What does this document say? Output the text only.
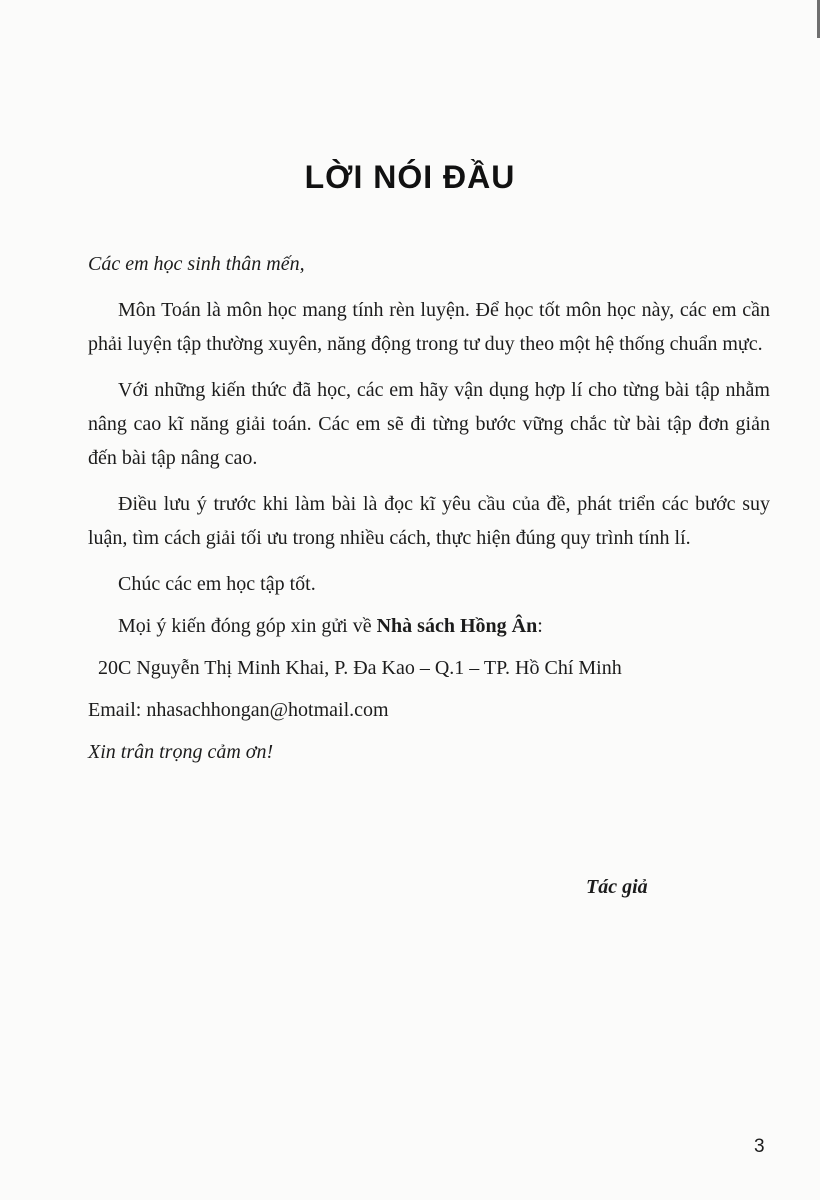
LỜI NÓI ĐẦU

Các em học sinh thân mến,

Môn Toán là môn học mang tính rèn luyện. Để học tốt môn học này, các em cần phải luyện tập thường xuyên, năng động trong tư duy theo một hệ thống chuẩn mực.

Với những kiến thức đã học, các em hãy vận dụng hợp lí cho từng bài tập nhằm nâng cao kĩ năng giải toán. Các em sẽ đi từng bước vững chắc từ bài tập đơn giản đến bài tập nâng cao.

Điều lưu ý trước khi làm bài là đọc kĩ yêu cầu của đề, phát triển các bước suy luận, tìm cách giải tối ưu trong nhiều cách, thực hiện đúng quy trình tính lí.

Chúc các em học tập tốt.

Mọi ý kiến đóng góp xin gửi về Nhà sách Hồng Ân:

20C Nguyễn Thị Minh Khai, P. Đa Kao – Q.1 – TP. Hồ Chí Minh

Email: nhasachhongan@hotmail.com

Xin trân trọng cảm ơn!

Tác giả
3
